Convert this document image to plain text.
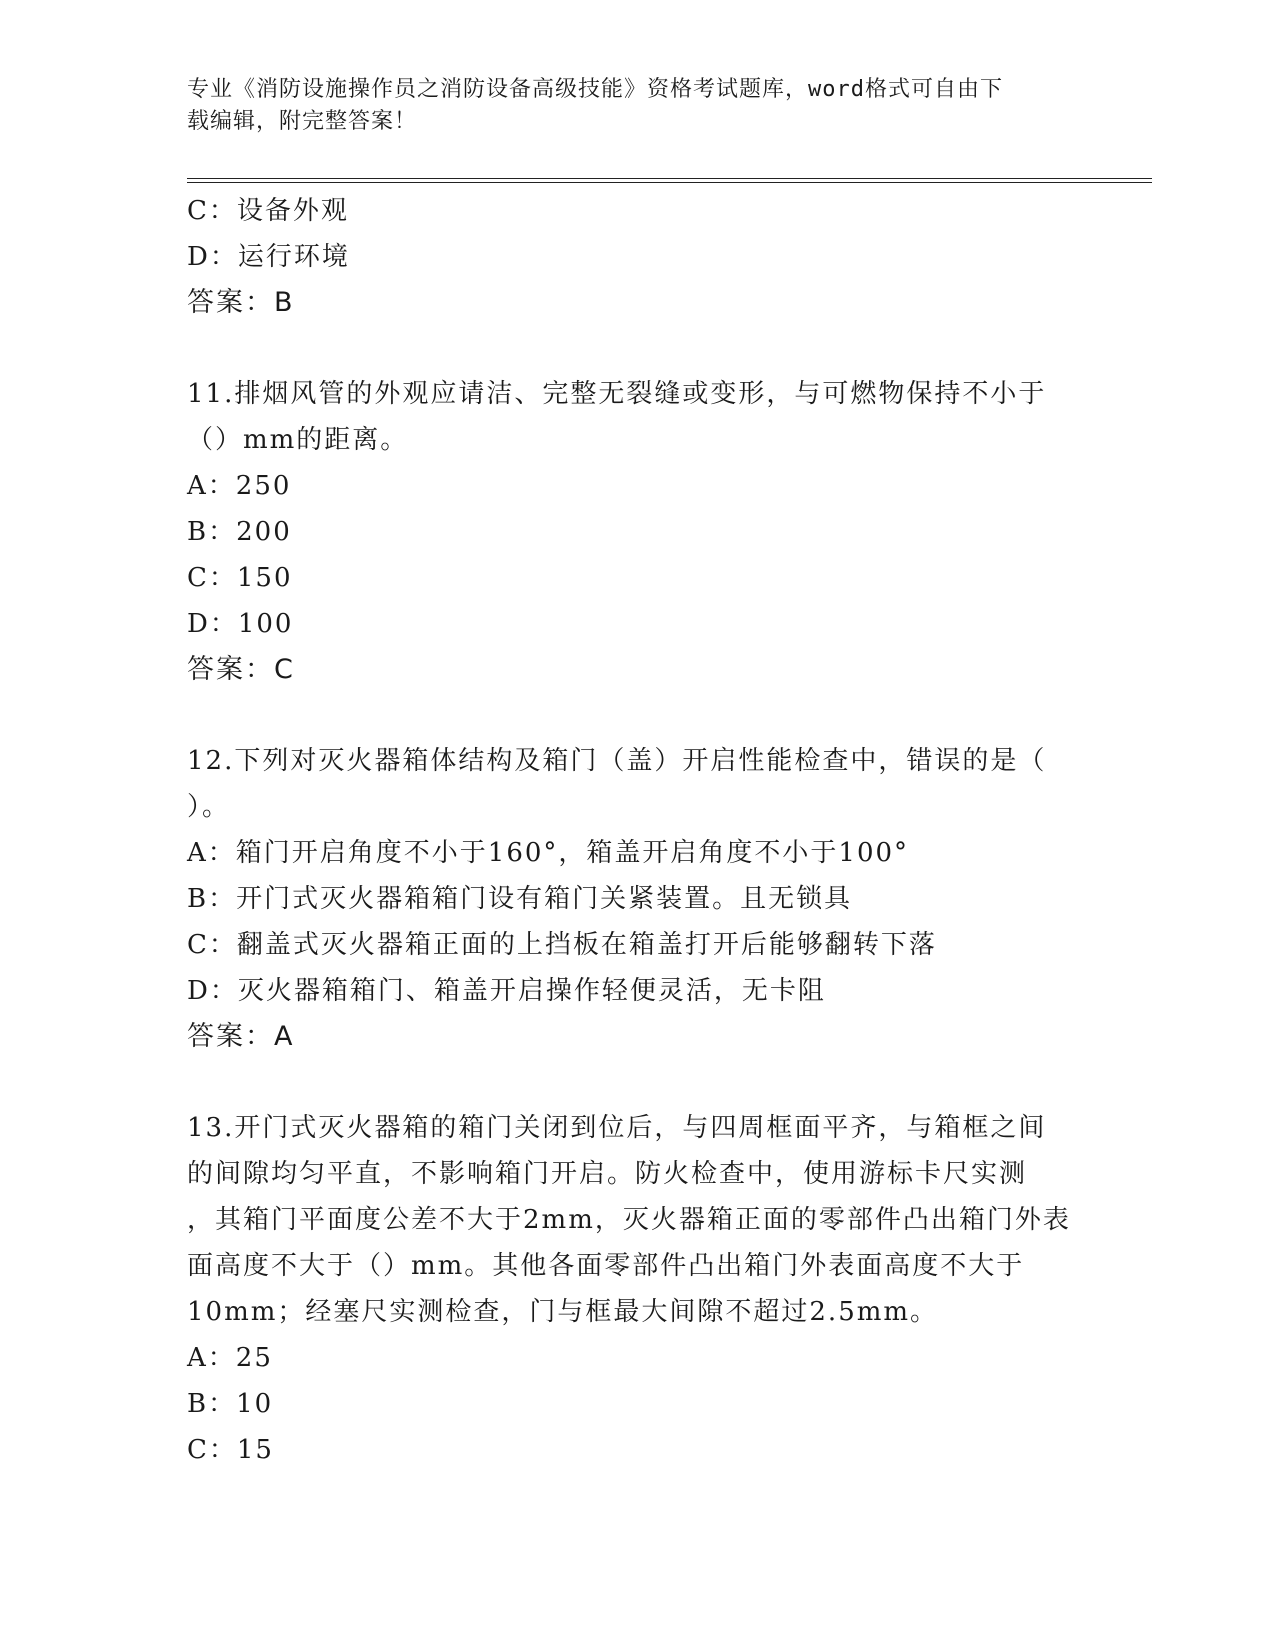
专业《消防设施操作员之消防设备高级技能》资格考试题库，word格式可自由下
载编辑，附完整答案！
C：设备外观
D：运行环境
答案：B
11.排烟风管的外观应请洁、完整无裂缝或变形，与可燃物保持不小于
（）mm的距离。
A：250
B：200
C：150
D：100
答案：C
12.下列对灭火器箱体结构及箱门（盖）开启性能检查中，错误的是（
）。
A：箱门开启角度不小于160°，箱盖开启角度不小于100°
B：开门式灭火器箱箱门设有箱门关紧装置。且无锁具
C：翻盖式灭火器箱正面的上挡板在箱盖打开后能够翻转下落
D：灭火器箱箱门、箱盖开启操作轻便灵活，无卡阻
答案：A
13.开门式灭火器箱的箱门关闭到位后，与四周框面平齐，与箱框之间
的间隙均匀平直，不影响箱门开启。防火检查中，使用游标卡尺实测
，其箱门平面度公差不大于2mm，灭火器箱正面的零部件凸出箱门外表
面高度不大于（）mm。其他各面零部件凸出箱门外表面高度不大于
10mm；经塞尺实测检查，门与框最大间隙不超过2.5mm。
A：25
B：10
C：15
